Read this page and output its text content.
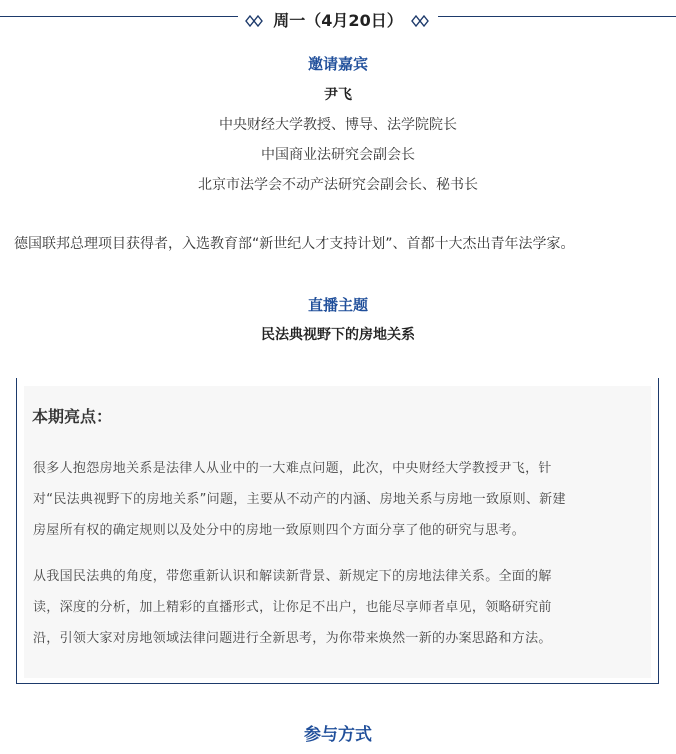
周一（4月20日）
邀请嘉宾
尹飞
中央财经大学教授、博导、法学院院长
中国商业法研究会副会长
北京市法学会不动产法研究会副会长、秘书长
德国联邦总理项目获得者，入选教育部“新世纪人才支持计划”、首都十大杰出青年法学家。
直播主题
民法典视野下的房地关系
本期亮点：
很多人抱怨房地关系是法律人从业中的一大难点问题，此次，中央财经大学教授尹飞，针
对“民法典视野下的房地关系”问题，主要从不动产的内涵、房地关系与房地一致原则、新建
房屋所有权的确定规则以及处分中的房地一致原则四个方面分享了他的研究与思考。
从我国民法典的角度，带您重新认识和解读新背景、新规定下的房地法律关系。全面的解
读，深度的分析，加上精彩的直播形式，让你足不出户，也能尽享师者卓见，领略研究前
沿，引领大家对房地领域法律问题进行全新思考，为你带来焕然一新的办案思路和方法。
参与方式
